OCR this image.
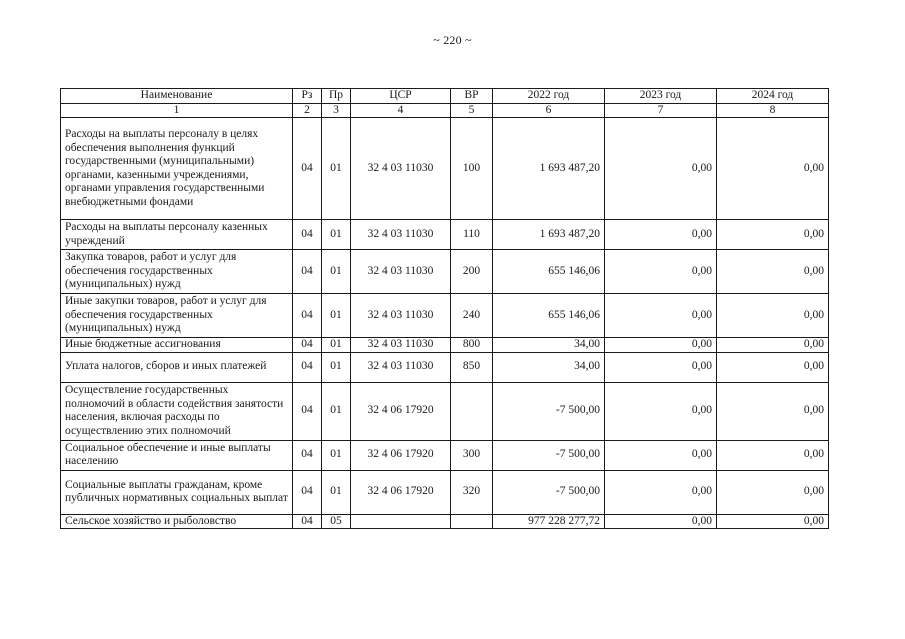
~ 220 ~
Наименование	Рз	Пр	ЦСР	ВР	2022 год	2023 год	2024 год
1	2	3	4	5	6	7	8
Расходы на выплаты персоналу в целях обеспечения выполнения функций государственными (муниципальными) органами, казенными учреждениями, органами управления государственными внебюджетными фондами	04	01	32 4 03 11030	100	1 693 487,20	0,00	0,00
Расходы на выплаты персоналу казенных учреждений	04	01	32 4 03 11030	110	1 693 487,20	0,00	0,00
Закупка товаров, работ и услуг для обеспечения государственных (муниципальных) нужд	04	01	32 4 03 11030	200	655 146,06	0,00	0,00
Иные закупки товаров, работ и услуг для обеспечения государственных (муниципальных) нужд	04	01	32 4 03 11030	240	655 146,06	0,00	0,00
Иные бюджетные ассигнования	04	01	32 4 03 11030	800	34,00	0,00	0,00
Уплата налогов, сборов и иных платежей	04	01	32 4 03 11030	850	34,00	0,00	0,00
Осуществление государственных полномочий в области содействия занятости населения, включая расходы по осуществлению этих полномочий	04	01	32 4 06 17920		-7 500,00	0,00	0,00
Социальное обеспечение и иные выплаты населению	04	01	32 4 06 17920	300	-7 500,00	0,00	0,00
Социальные выплаты гражданам, кроме публичных нормативных социальных выплат	04	01	32 4 06 17920	320	-7 500,00	0,00	0,00
Сельское хозяйство и рыболовство	04	05			977 228 277,72	0,00	0,00
